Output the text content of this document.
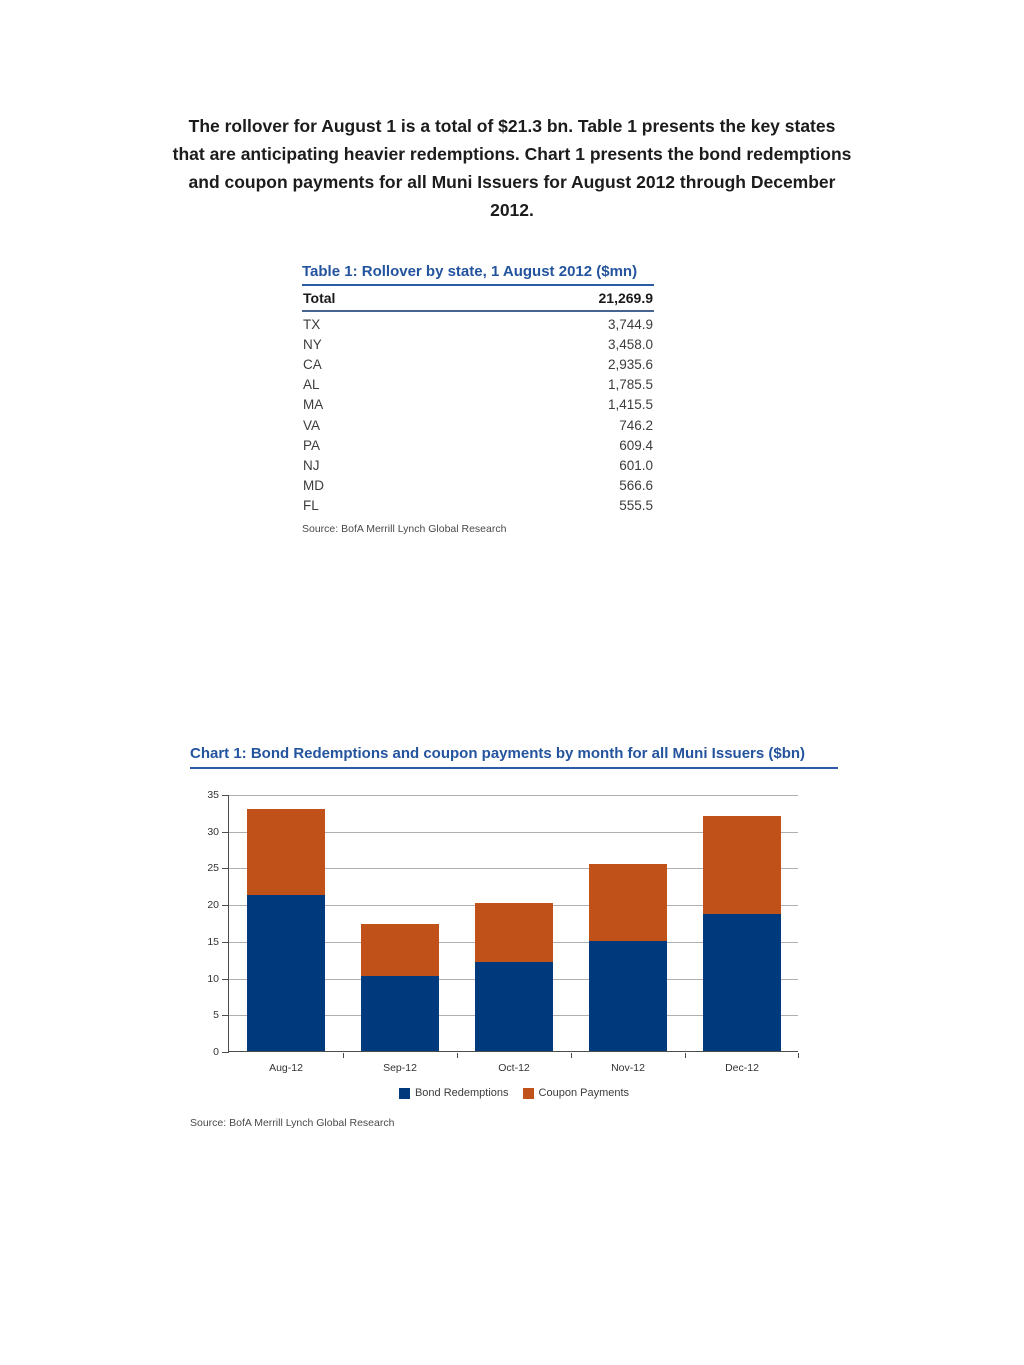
The rollover for August 1 is a total of $21.3 bn. Table 1 presents the key states
that are anticipating heavier redemptions. Chart 1 presents the bond redemptions
and coupon payments for all Muni Issuers for August 2012 through December
2012.
Table 1: Rollover by state, 1 August 2012 ($mn)
Total	21,269.9
TX	3,744.9
NY	3,458.0
CA	2,935.6
AL	1,785.5
MA	1,415.5
VA	746.2
PA	609.4
NJ	601.0
MD	566.6
FL	555.5
Source: BofA Merrill Lynch Global Research
Chart 1: Bond Redemptions and coupon payments by month for all Muni Issuers ($bn)
0
5
10
15
20
25
30
35
Aug-12	Sep-12	Oct-12	Nov-12	Dec-12
Bond Redemptions	Coupon Payments
Source: BofA Merrill Lynch Global Research
